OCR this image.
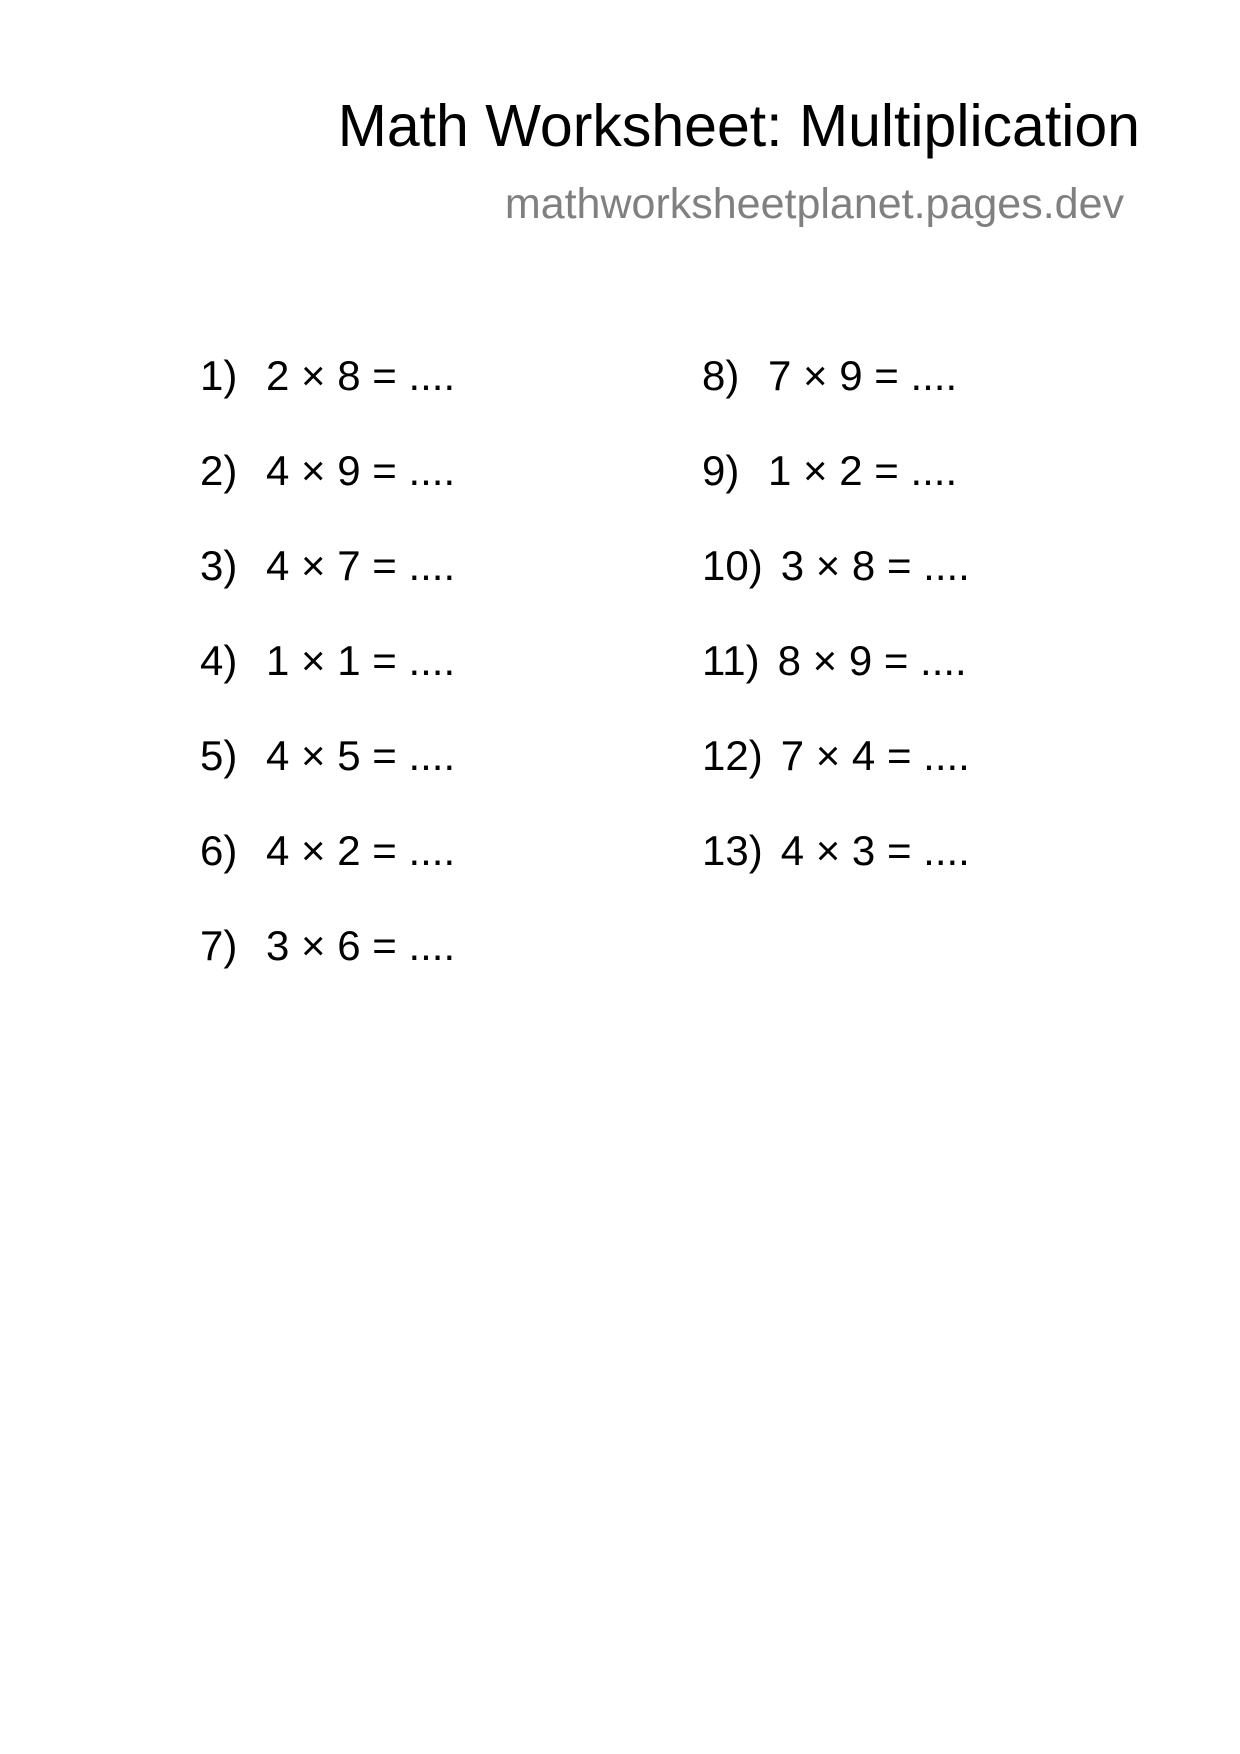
Math Worksheet: Multiplication

mathworksheetplanet.pages.dev

1) 2 × 8 = ....
2) 4 × 9 = ....
3) 4 × 7 = ....
4) 1 × 1 = ....
5) 4 × 5 = ....
6) 4 × 2 = ....
7) 3 × 6 = ....
8) 7 × 9 = ....
9) 1 × 2 = ....
10) 3 × 8 = ....
11) 8 × 9 = ....
12) 7 × 4 = ....
13) 4 × 3 = ....
